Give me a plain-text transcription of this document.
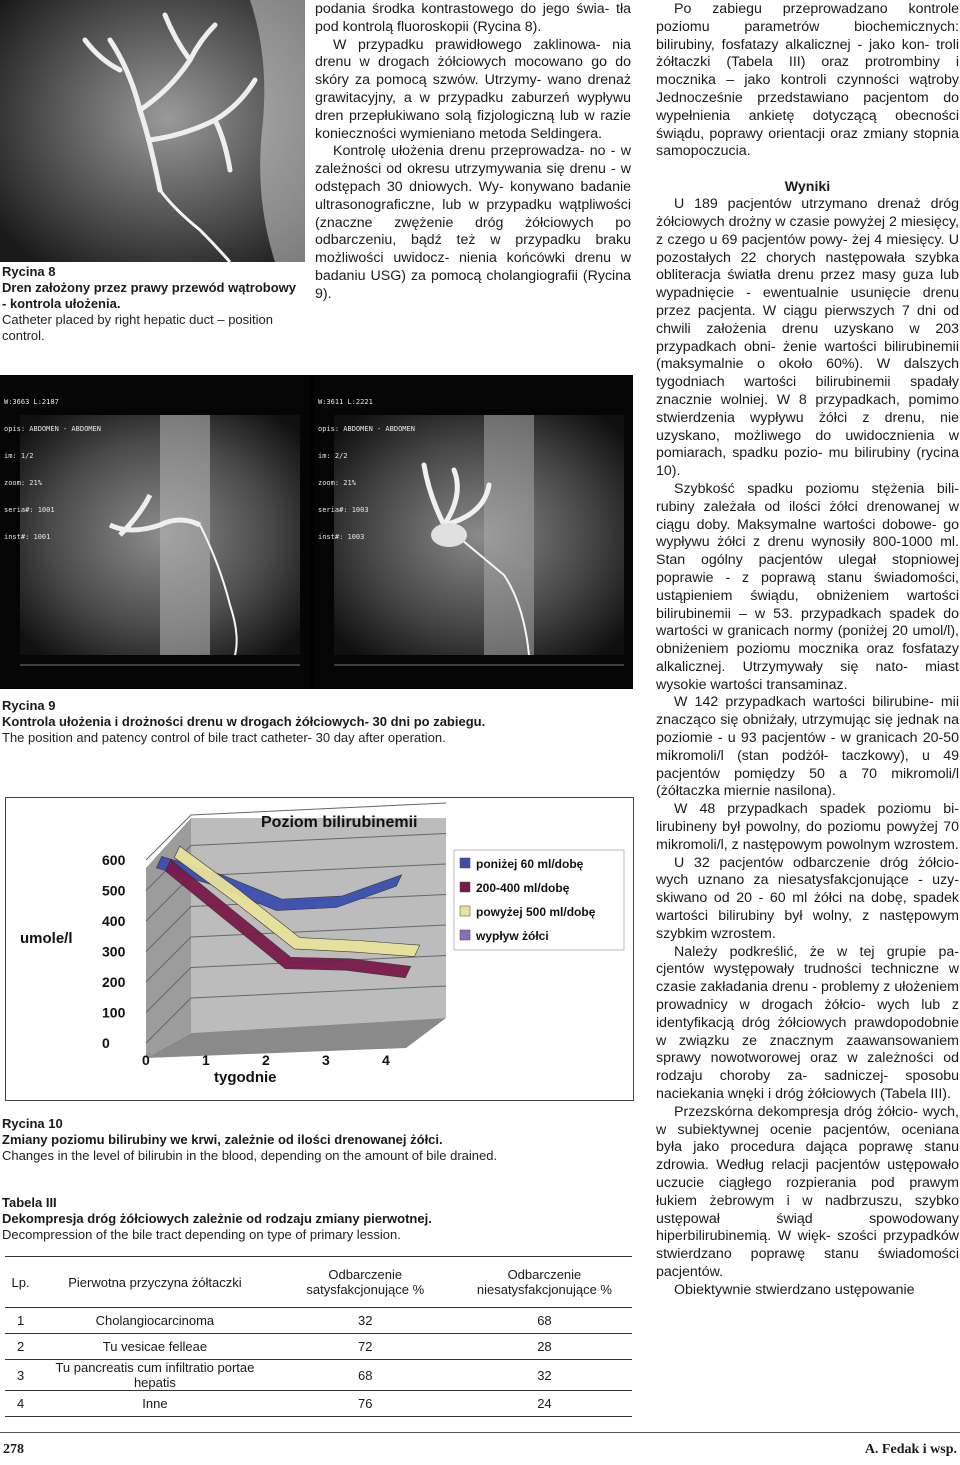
Rycina 8
Dren założony przez prawy przewód wątrobowy - kontrola ułożenia.
Catheter placed by right hepatic duct – position control.

podania środka kontrastowego do jego świa- tła pod kontrolą fluoroskopii (Rycina 8).

W przypadku prawidłowego zaklinowa- nia drenu w drogach żółciowych mocowano go do skóry za pomocą szwów. Utrzymy- wano drenaż grawitacyjny, a w przypadku zaburzeń wypływu dren przepłukiwano solą fizjologiczną lub w razie konieczności wymieniano metoda Seldingera.

Kontrolę ułożenia drenu przeprowadza- no - w zależności od okresu utrzymywania się drenu - w odstępach 30 dniowych. Wy- konywano badanie ultrasonograficzne, lub w przypadku wątpliwości (znaczne zwężenie dróg żółciowych po odbarczeniu, bądź też w przypadku braku możliwości uwidocz- nienia końcówki drenu w badaniu USG) za pomocą cholangiografii (Rycina 9).

W:3663 L:2187

opis: ABDOMEN - ABDOMEN

im: 1/2

zoom: 21%

seria#: 1001

inst#: 1001

W:3611 L:2221

opis: ABDOMEN - ABDOMEN

im: 2/2

zoom: 21%

seria#: 1003

inst#: 1003

Rycina 9
Kontrola ułożenia i drożności drenu w drogach żółciowych- 30 dni po zabiegu.
The position and patency control of bile tract catheter- 30 day after operation.
0
100
200
300
400
500
600
0	1	2	3	4
Poziom bilirubinemii
umole/l
tygodnie
poniżej 60 ml/dobę
200-400 ml/dobę
powyżej 500 ml/dobę
wypływ żółci
Rycina 10
Zmiany poziomu bilirubiny we krwi, zależnie od ilości drenowanej żółci.
Changes in the level of bilirubin in the blood, depending on the amount of bile drained.
Tabela III
Dekompresja dróg żółciowych zależnie od rodzaju zmiany pierwotnej.
Decompression of the bile tract depending on type of primary lession.
Lp.	Pierwotna przyczyna żółtaczki	Odbarczenie satysfakcjonujące %	Odbarczenie niesatysfakcjonujące %
1	Cholangiocarcinoma	32	68
2	Tu vesicae felleae	72	28
3	Tu pancreatis cum infiltratio portae hepatis	68	32
4	Inne	76	24

Po zabiegu przeprowadzano kontrole poziomu parametrów biochemicznych: bilirubiny, fosfatazy alkalicznej - jako kon- troli żółtaczki (Tabela III) oraz protrombiny i mocznika – jako kontroli czynności wątroby Jednocześnie przedstawiano pacjentom do wypełnienia ankietę dotyczącą obecności świądu, poprawy orientacji oraz zmiany stopnia samopoczucia.

Wyniki

U 189 pacjentów utrzymano drenaż dróg żółciowych drożny w czasie powyżej 2 miesięcy, z czego u 69 pacjentów powy- żej 4 miesięcy. U pozostałych 22 chorych następowała szybka obliteracja światła drenu przez masy guza lub wypadnięcie - ewentualnie usunięcie drenu przez pacjenta. W ciągu pierwszych 7 dni od chwili założenia drenu uzyskano w 203 przypadkach obni- żenie wartości bilirubinemii (maksymalnie o około 60%). W dalszych tygodniach wartości bilirubinemii spadały znacznie wolniej. W 8 przypadkach, pomimo stwierdzenia wypływu żółci z drenu, nie uzyskano, możliwego do uwidocznienia w pomiarach, spadku pozio- mu bilirubiny (rycina 10).

Szybkość spadku poziomu stężenia bili- rubiny zależała od ilości żółci drenowanej w ciągu doby. Maksymalne wartości dobowe- go wypływu żółci z drenu wynosiły 800-1000 ml. Stan ogólny pacjentów ulegał stopniowej poprawie - z poprawą stanu świadomości, ustąpieniem świądu, obniżeniem wartości bilirubinemii – w 53. przypadkach spadek do wartości w granicach normy (poniżej 20 umol/l), obniżeniem poziomu mocznika oraz fosfatazy alkalicznej. Utrzymywały się nato- miast wysokie wartości transaminaz.

W 142 przypadkach wartości bilirubine- mii znacząco się obniżały, utrzymując się jednak na poziomie - u 93 pacjentów - w granicach 20-50 mikromoli/l (stan podżół- taczkowy), u 49 pacjentów pomiędzy 50 a 70 mikromoli/l (żółtaczka miernie nasilona).

W 48 przypadkach spadek poziomu bi- lirubineny był powolny, do poziomu powyżej 70 mikromoli/l, z następowym powolnym wzrostem.

U 32 pacjentów odbarczenie dróg żółcio- wych uznano za niesatysfakcjonujące - uzy- skiwano od 20 - 60 ml żółci na dobę, spadek wartości bilirubiny był wolny, z następowym szybkim wzrostem.

Należy podkreślić, że w tej grupie pa- cjentów występowały trudności techniczne w czasie zakładania drenu - problemy z ułożeniem prowadnicy w drogach żółcio- wych lub z identyfikacją dróg żółciowych prawdopodobnie w związku ze znacznym zaawansowaniem sprawy nowotworowej oraz w zależności od rodzaju choroby za- sadniczej- sposobu naciekania wnęki i dróg żółciowych (Tabela III).

Przezskórna dekompresja dróg żółcio- wych, w subiektywnej ocenie pacjentów, oceniana była jako procedura dająca poprawę stanu zdrowia. Według relacji pacjentów ustępowało uczucie ciągłego rozpierania pod prawym łukiem żebrowym i w nadbrzuszu, szybko ustępował świąd spowodowany hiperbilirubinemią. W więk- szości przypadków stwierdzano poprawę stanu świadomości pacjentów.

Obiektywnie stwierdzano ustępowanie

278	A. Fedak i wsp.
